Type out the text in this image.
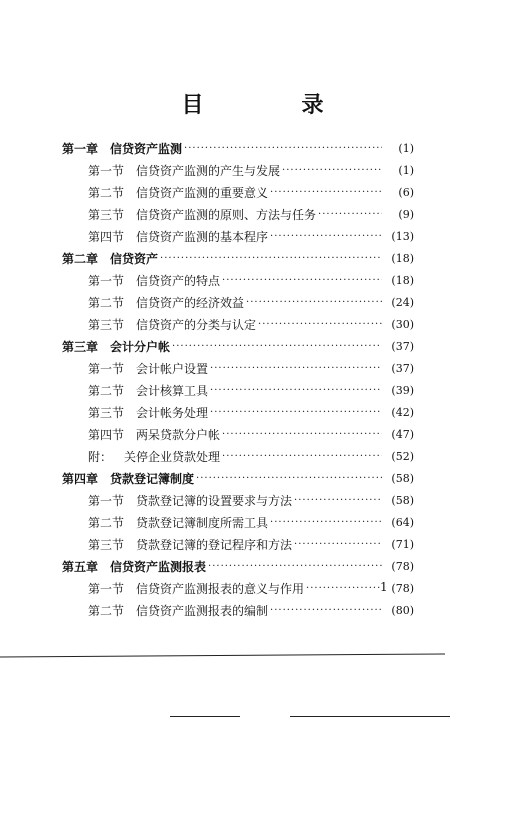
目　录
第一章 信贷资产监测 ·····	(1)
第一节 信贷资产监测的产生与发展 ·····	(1)
第二节 信贷资产监测的重要意义 ·····	(6)
第三节 信贷资产监测的原则、方法与任务 ·····	(9)
第四节 信贷资产监测的基本程序 ·····	(13)
第二章 信贷资产 ·····	(18)
第一节 信贷资产的特点 ·····	(18)
第二节 信贷资产的经济效益 ·····	(24)
第三节 信贷资产的分类与认定 ·····	(30)
第三章 会计分户帐 ·····	(37)
第一节 会计帐户设置 ·····	(37)
第二节 会计核算工具 ·····	(39)
第三节 会计帐务处理 ·····	(42)
第四节 两呆贷款分户帐 ·····	(47)
附： 关停企业贷款处理 ·····	(52)
第四章 贷款登记簿制度 ·····	(58)
第一节 贷款登记簿的设置要求与方法 ·····	(58)
第二节 贷款登记簿制度所需工具 ·····	(64)
第三节 贷款登记簿的登记程序和方法 ·····	(71)
第五章 信贷资产监测报表 ·····	(78)
第一节 信贷资产监测报表的意义与作用 ·····	(78)
第二节 信贷资产监测报表的编制 ·····	(80)
1
